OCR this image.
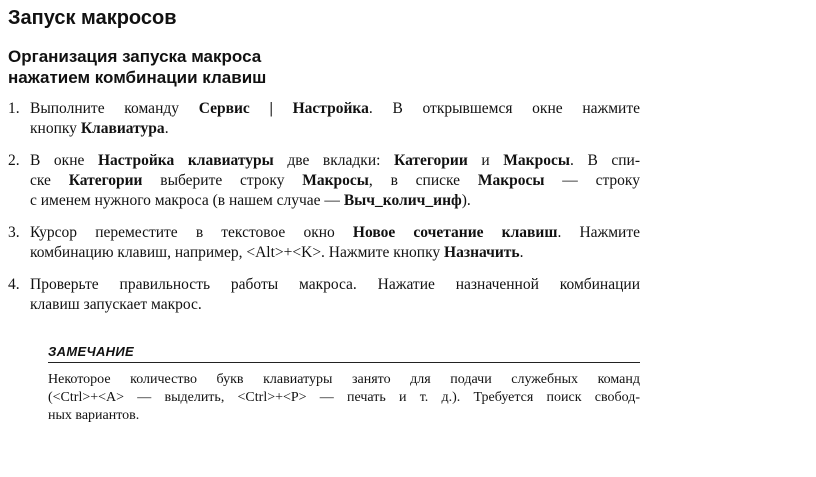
Запуск макросов
Организация запуска макроса
нажатием комбинации клавиш
1. Выполните команду Сервис | Настройка. В открывшемся окне нажмите
кнопку Клавиатура.
2. В окне Настройка клавиатуры две вкладки: Категории и Макросы. В спи-
ске Категории выберите строку Макросы, в списке Макросы — строку
с именем нужного макроса (в нашем случае — Выч_колич_инф).
3. Курсор переместите в текстовое окно Новое сочетание клавиш. Нажмите
комбинацию клавиш, например, <Alt>+<K>. Нажмите кнопку Назначить.
4. Проверьте правильность работы макроса. Нажатие назначенной комбинации
клавиш запускает макрос.
ЗАМЕЧАНИЕ
Некоторое количество букв клавиатуры занято для подачи служебных команд
(<Ctrl>+<A> — выделить, <Ctrl>+<P> — печать и т. д.). Требуется поиск свобод-
ных вариантов.
